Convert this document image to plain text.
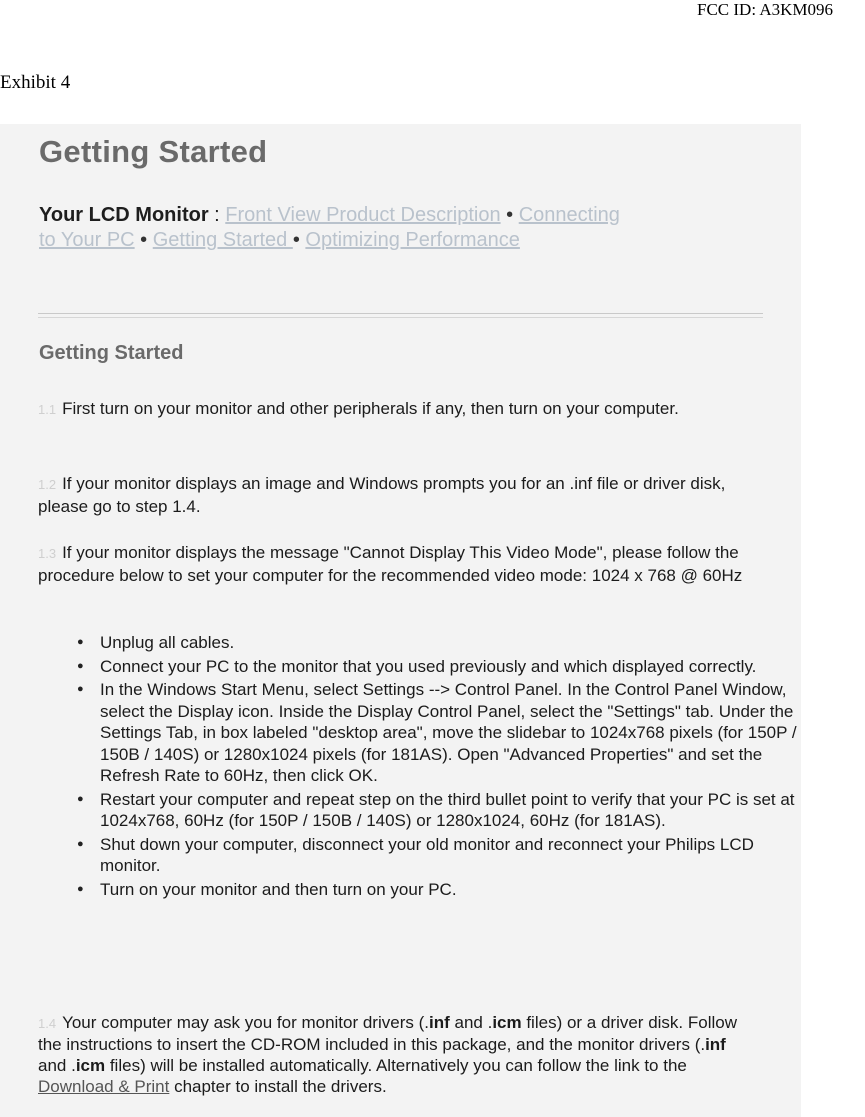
FCC ID: A3KM096
Exhibit 4
Getting Started
Your LCD Monitor : Front View Product Description • Connecting to Your PC • Getting Started • Optimizing Performance
Getting Started
1.1 First turn on your monitor and other peripherals if any, then turn on your computer.
1.2 If your monitor displays an image and Windows prompts you for an .inf file or driver disk, please go to step 1.4.
1.3 If your monitor displays the message "Cannot Display This Video Mode", please follow the procedure below to set your computer for the recommended video mode: 1024 x 768 @ 60Hz
● Unplug all cables.
● Connect your PC to the monitor that you used previously and which displayed correctly.
● In the Windows Start Menu, select Settings --> Control Panel. In the Control Panel Window, select the Display icon. Inside the Display Control Panel, select the "Settings" tab. Under the Settings Tab, in box labeled "desktop area", move the slidebar to 1024x768 pixels (for 150P / 150B / 140S) or 1280x1024 pixels (for 181AS). Open "Advanced Properties" and set the Refresh Rate to 60Hz, then click OK.
● Restart your computer and repeat step on the third bullet point to verify that your PC is set at 1024x768, 60Hz (for 150P / 150B / 140S) or 1280x1024, 60Hz (for 181AS).
● Shut down your computer, disconnect your old monitor and reconnect your Philips LCD monitor.
● Turn on your monitor and then turn on your PC.
1.4 Your computer may ask you for monitor drivers (.inf and .icm files) or a driver disk. Follow the instructions to insert the CD-ROM included in this package, and the monitor drivers (.inf and .icm files) will be installed automatically. Alternatively you can follow the link to the Download & Print chapter to install the drivers.
